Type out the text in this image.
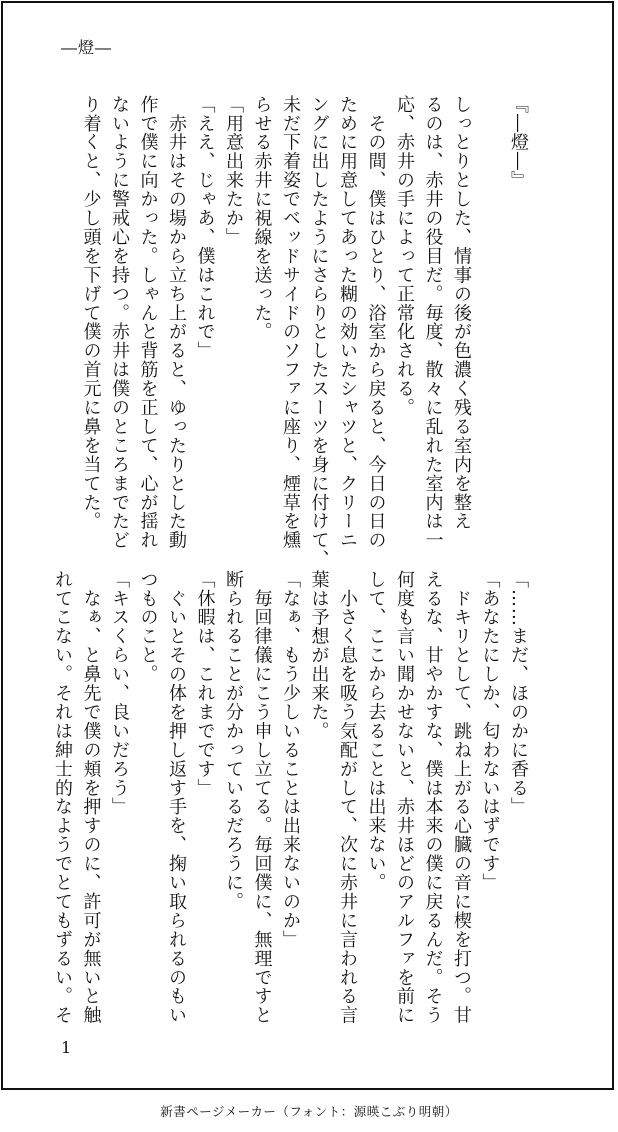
―燈―
『―燈―』
しっとりとした、情事の後が色濃く残る室内を整え
るのは、赤井の役目だ。毎度、散々に乱れた室内は一
応、赤井の手によって正常化される。
　その間、僕はひとり、浴室から戻ると、今日の日の
ために用意してあった糊の効いたシャツと、クリーニ
ングに出したようにさらりとしたスーツを身に付けて、
未だ下着姿でベッドサイドのソファに座り、煙草を燻
らせる赤井に視線を送った。
「用意出来たか」
「ええ、じゃあ、僕はこれで」
　赤井はその場から立ち上がると、ゆったりとした動
作で僕に向かった。しゃんと背筋を正して、心が揺れ
ないように警戒心を持つ。赤井は僕のところまでたど
り着くと、少し頭を下げて僕の首元に鼻を当てた。
「……まだ、ほのかに香る」
「あなたにしか、匂わないはずです」
　ドキリとして、跳ね上がる心臓の音に楔を打つ。甘
えるな、甘やかすな、僕は本来の僕に戻るんだ。そう
何度も言い聞かせないと、赤井ほどのアルファを前に
して、ここから去ることは出来ない。
　小さく息を吸う気配がして、次に赤井に言われる言
葉は予想が出来た。
「なぁ、もう少しいることは出来ないのか」
　毎回律儀にこう申し立てる。毎回僕に、無理ですと
断られることが分かっているだろうに。
「休暇は、これまでです」
　ぐいとその体を押し返す手を、掬い取られるのもい
つものこと。
「キスくらい、良いだろう」
　なぁ、と鼻先で僕の頬を押すのに、許可が無いと触
れてこない。それは紳士的なようでとてもずるい。そ
1
新書ページメーカー（フォント：源暎こぶり明朝）
